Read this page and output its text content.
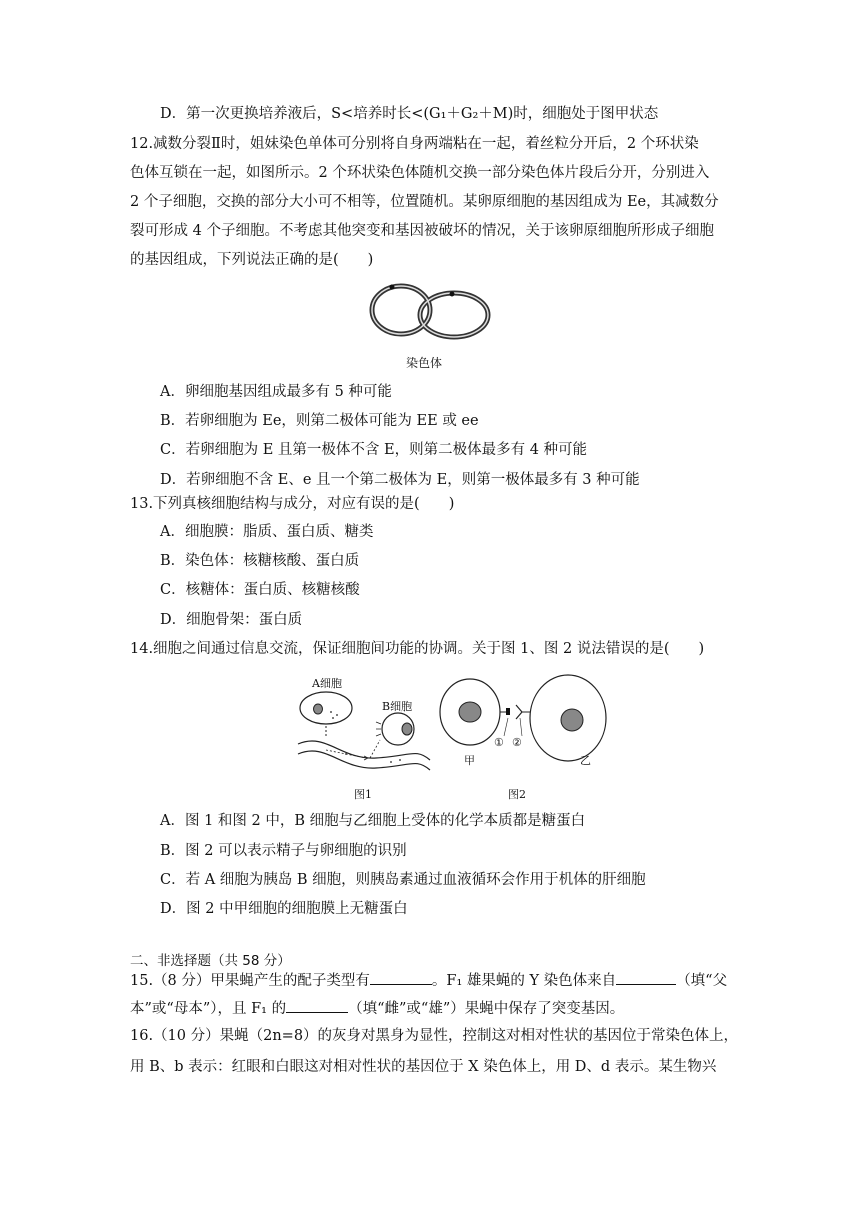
D．第一次更换培养液后，S<培养时长<(G₁＋G₂＋M)时，细胞处于图甲状态
12.减数分裂Ⅱ时，姐妹染色单体可分别将自身两端粘在一起，着丝粒分开后，2 个环状染
色体互锁在一起，如图所示。2 个环状染色体随机交换一部分染色体片段后分开，分别进入
2 个子细胞，交换的部分大小可不相等，位置随机。某卵原细胞的基因组成为 Ee，其减数分
裂可形成 4 个子细胞。不考虑其他突变和基因被破坏的情况，关于该卵原细胞所形成子细胞
的基因组成，下列说法正确的是(　　)
染色体
A．卵细胞基因组成最多有 5 种可能
B．若卵细胞为 Ee，则第二极体可能为 EE 或 ee
C．若卵细胞为 E 且第一极体不含 E，则第二极体最多有 4 种可能
D．若卵细胞不含 E、e 且一个第二极体为 E，则第一极体最多有 3 种可能
13.下列真核细胞结构与成分，对应有误的是(　　)
A．细胞膜：脂质、蛋白质、糖类
B．染色体：核糖核酸、蛋白质
C．核糖体：蛋白质、核糖核酸
D．细胞骨架：蛋白质
14.细胞之间通过信息交流，保证细胞间功能的协调。关于图 1、图 2 说法错误的是(　　)
A细胞
B细胞
图1
① ②
甲	乙
图2
A．图 1 和图 2 中，B 细胞与乙细胞上受体的化学本质都是糖蛋白
B．图 2 可以表示精子与卵细胞的识别
C．若 A 细胞为胰岛 B 细胞，则胰岛素通过血液循环会作用于机体的肝细胞
D．图 2 中甲细胞的细胞膜上无糖蛋白
二、非选择题（共 58 分）
15.（8 分）甲果蝇产生的配子类型有	。F₁ 雄果蝇的 Y 染色体来自	（填“父
本”或“母本”），且 F₁ 的	（填“雌”或“雄”）果蝇中保存了突变基因。
16.（10 分）果蝇（2n=8）的灰身对黑身为显性，控制这对相对性状的基因位于常染色体上，
用 B、b 表示：红眼和白眼这对相对性状的基因位于 X 染色体上，用 D、d 表示。某生物兴
